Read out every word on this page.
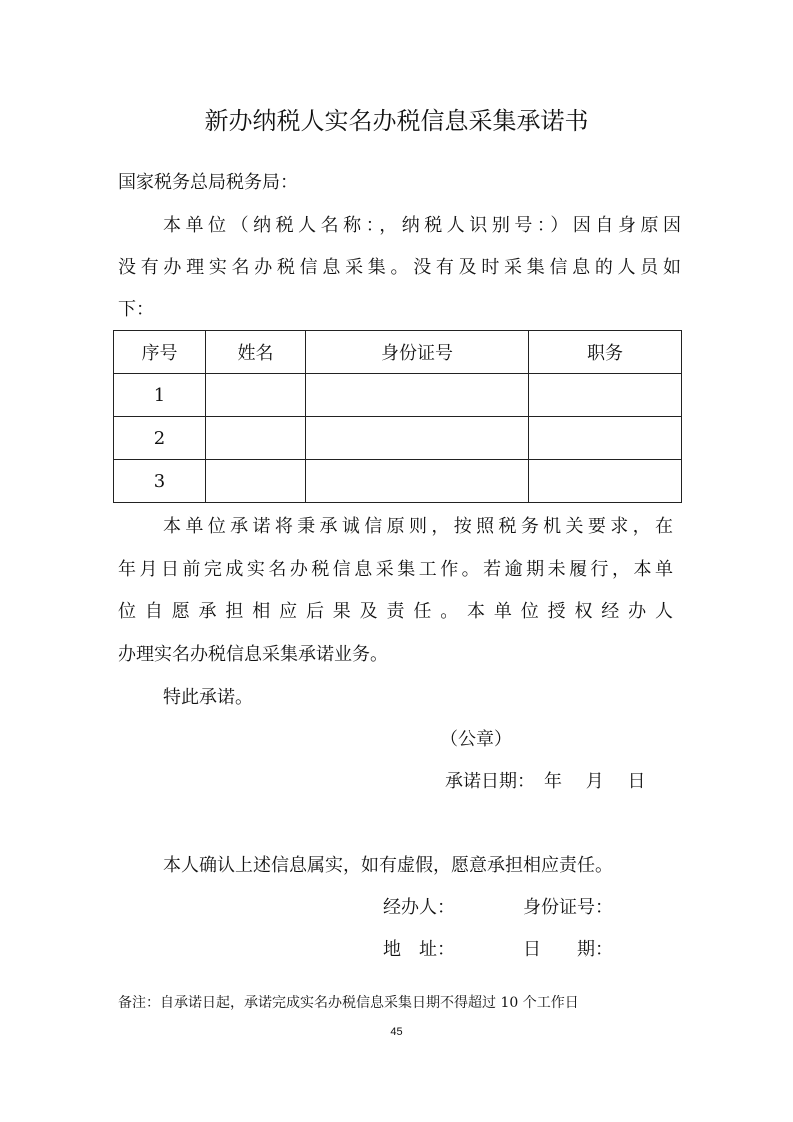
新办纳税人实名办税信息采集承诺书
国家税务总局税务局：
本单位（纳税人名称：，纳税人识别号：）因自身原因
没有办理实名办税信息采集。没有及时采集信息的人员如
下：
序号	姓名	身份证号	职务
1			
2			
3			
本单位承诺将秉承诚信原则，按照税务机关要求，在
年月日前完成实名办税信息采集工作。若逾期未履行，本单
位自愿承担相应后果及责任。本单位授权经办人
办理实名办税信息采集承诺业务。
特此承诺。
（公章）
承诺日期：　年　 月　 日
本人确认上述信息属实，如有虚假，愿意承担相应责任。
经办人：	身份证号：
地　址：	日　　期：
备注：自承诺日起，承诺完成实名办税信息采集日期不得超过 10 个工作日
45
